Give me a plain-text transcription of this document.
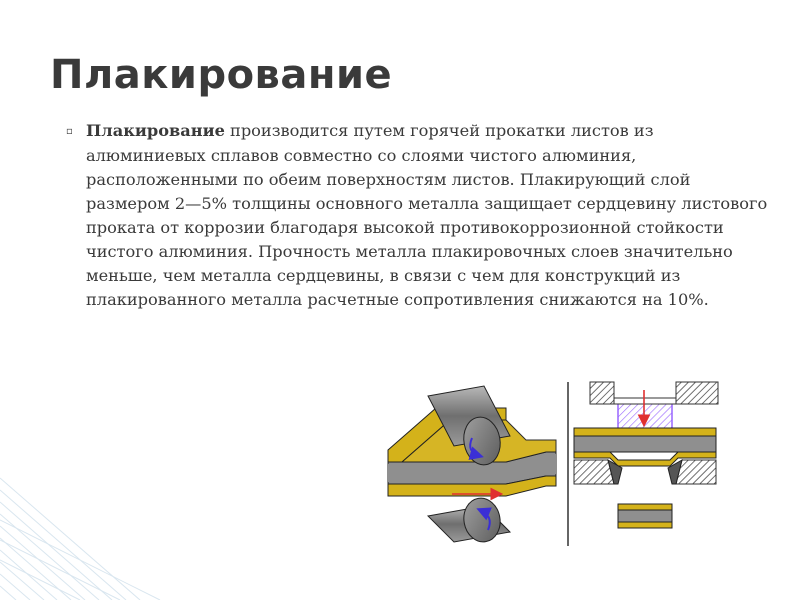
Плакирование
▫ Плакирование производится путем горячей прокатки листов из алюминиевых сплавов совместно со слоями чистого алюминия, расположенными по обеим поверхностям листов. Плакирующий слой размером 2—5% толщины основного металла защищает сердцевину листового проката от коррозии благодаря высокой противокоррозионной стойкости чистого алюминия. Прочность металла плакировочных слоев значительно меньше, чем металла сердцевины, в связи с чем для конструкций из плакированного металла расчетные сопротивления снижаются на 10%.
